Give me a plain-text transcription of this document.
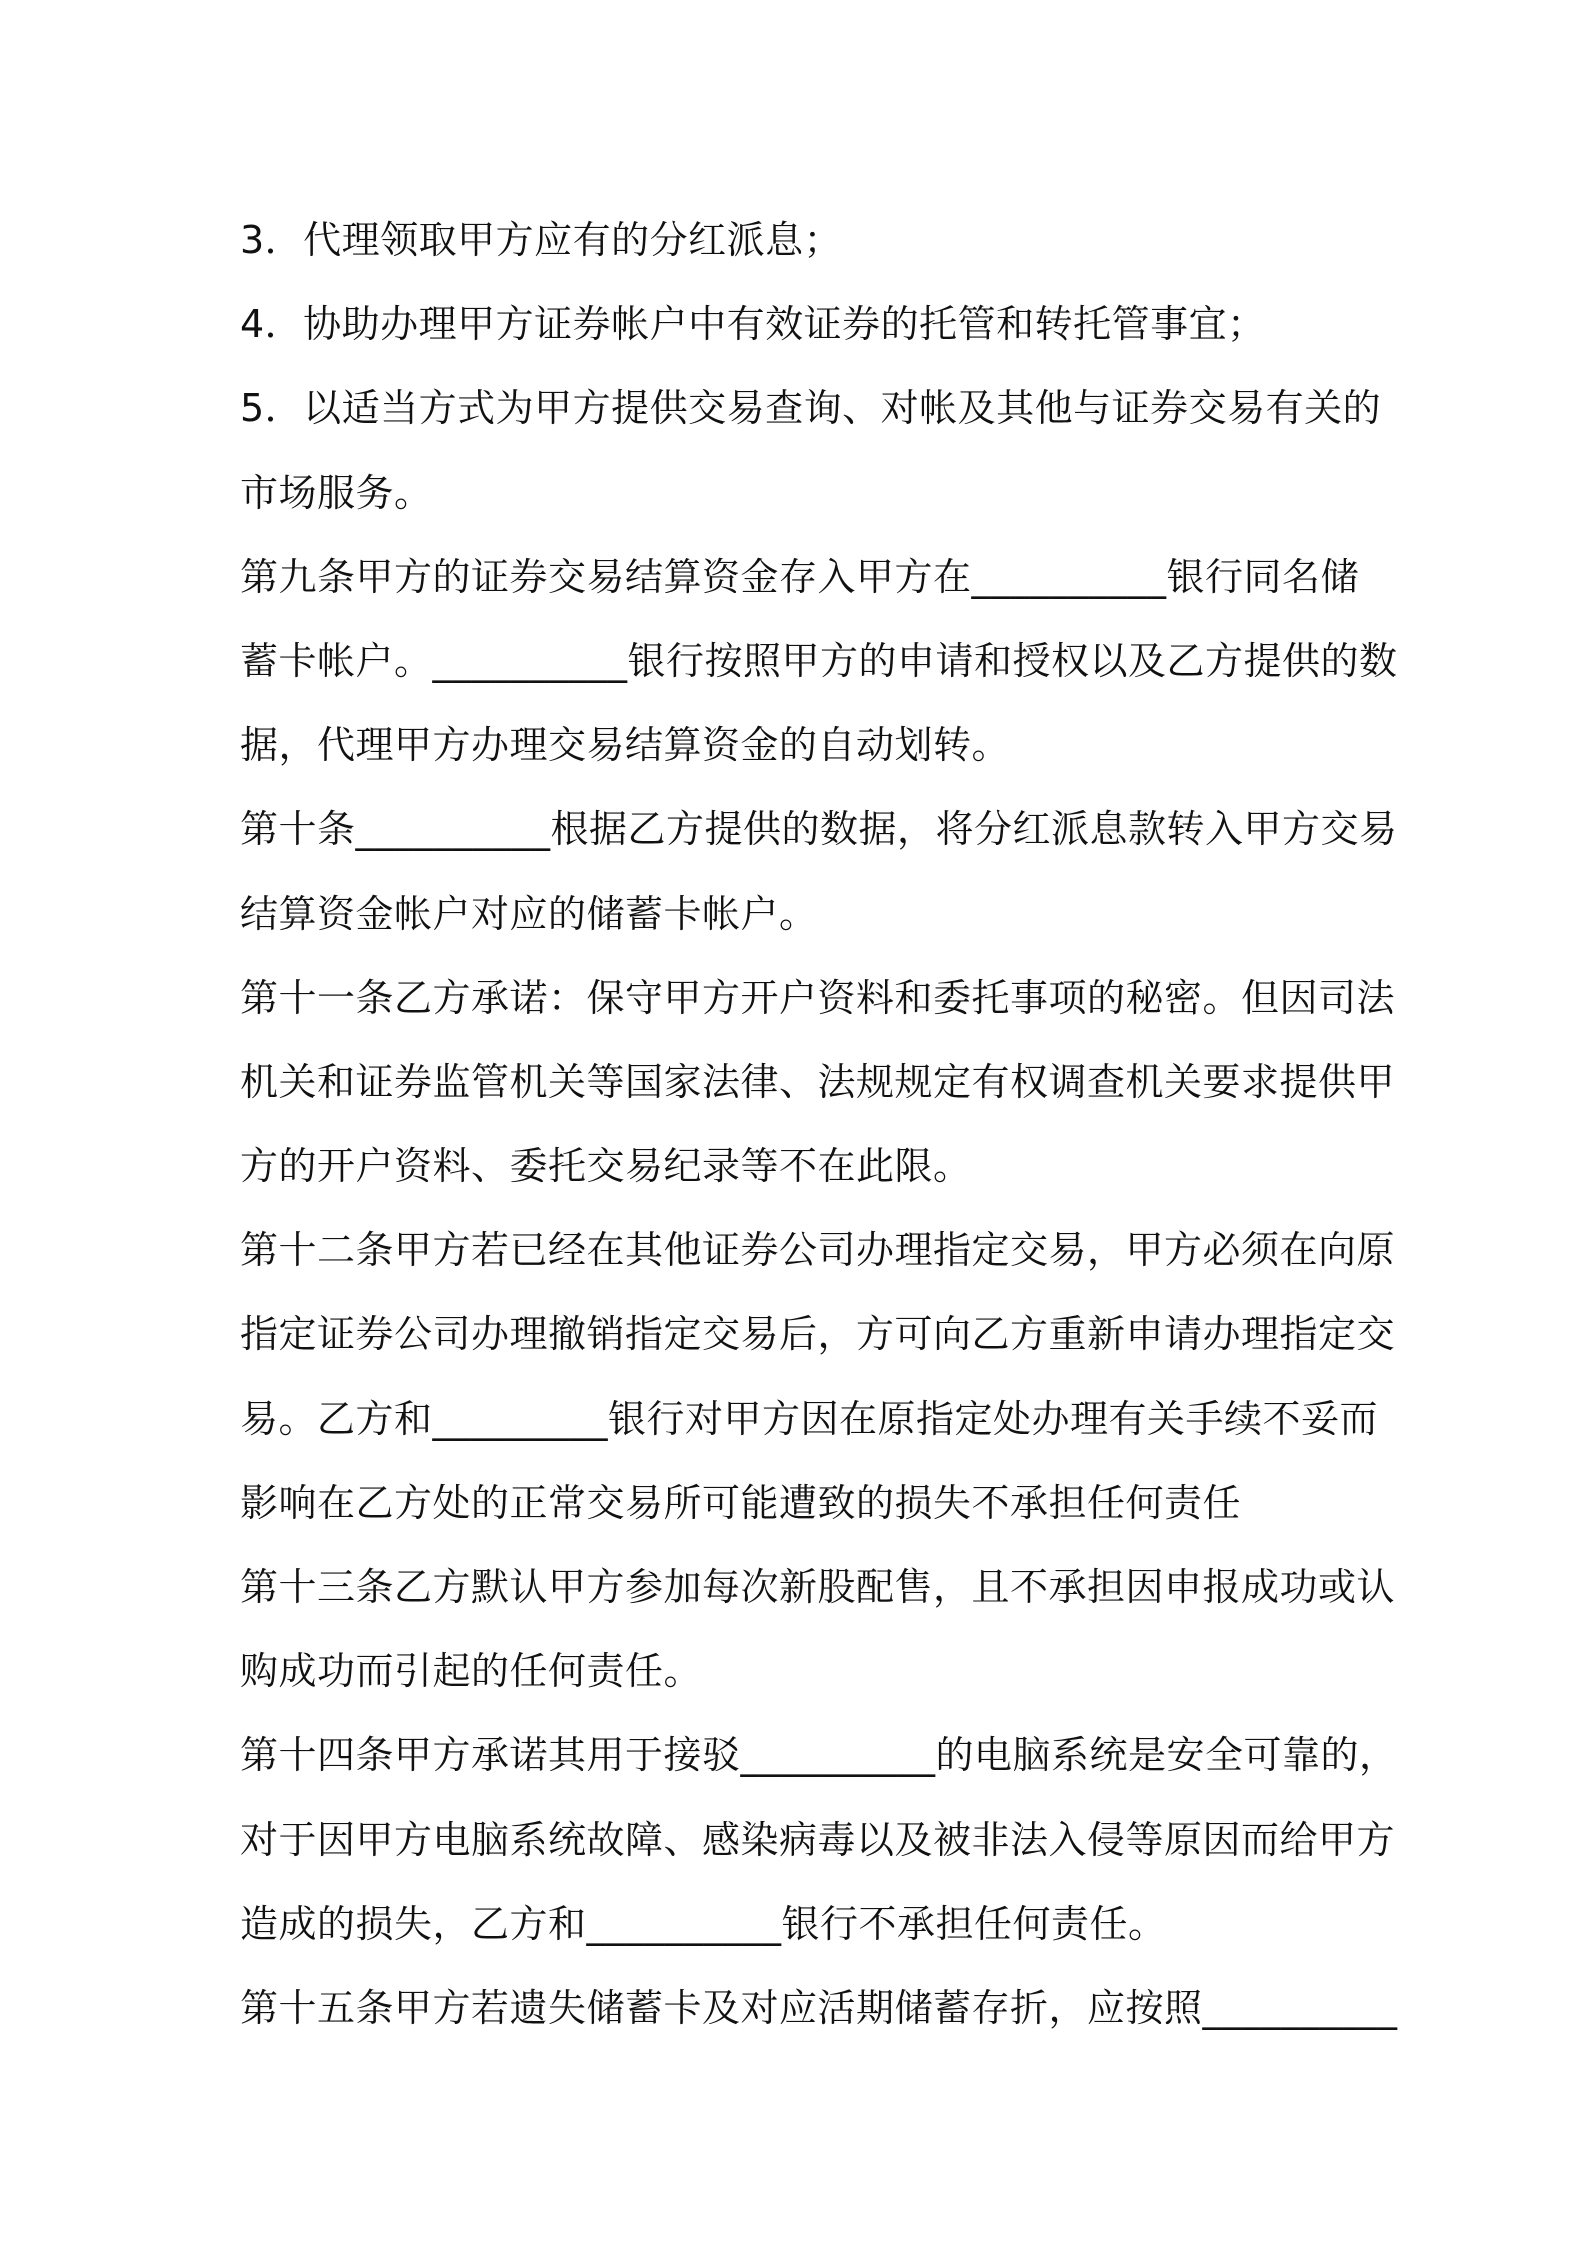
3．代理领取甲方应有的分红派息；
4．协助办理甲方证券帐户中有效证券的托管和转托管事宜；
5．以适当方式为甲方提供交易查询、对帐及其他与证券交易有关的
市场服务。
第九条甲方的证券交易结算资金存入甲方在__________银行同名储
蓄卡帐户。__________银行按照甲方的申请和授权以及乙方提供的数
据，代理甲方办理交易结算资金的自动划转。
第十条__________根据乙方提供的数据，将分红派息款转入甲方交易
结算资金帐户对应的储蓄卡帐户。
第十一条乙方承诺：保守甲方开户资料和委托事项的秘密。但因司法
机关和证券监管机关等国家法律、法规规定有权调查机关要求提供甲
方的开户资料、委托交易纪录等不在此限。
第十二条甲方若已经在其他证券公司办理指定交易，甲方必须在向原
指定证券公司办理撤销指定交易后，方可向乙方重新申请办理指定交
易。乙方和_________银行对甲方因在原指定处办理有关手续不妥而
影响在乙方处的正常交易所可能遭致的损失不承担任何责任
第十三条乙方默认甲方参加每次新股配售，且不承担因申报成功或认
购成功而引起的任何责任。
第十四条甲方承诺其用于接驳__________的电脑系统是安全可靠的，
对于因甲方电脑系统故障、感染病毒以及被非法入侵等原因而给甲方
造成的损失，乙方和__________银行不承担任何责任。
第十五条甲方若遗失储蓄卡及对应活期储蓄存折，应按照__________
